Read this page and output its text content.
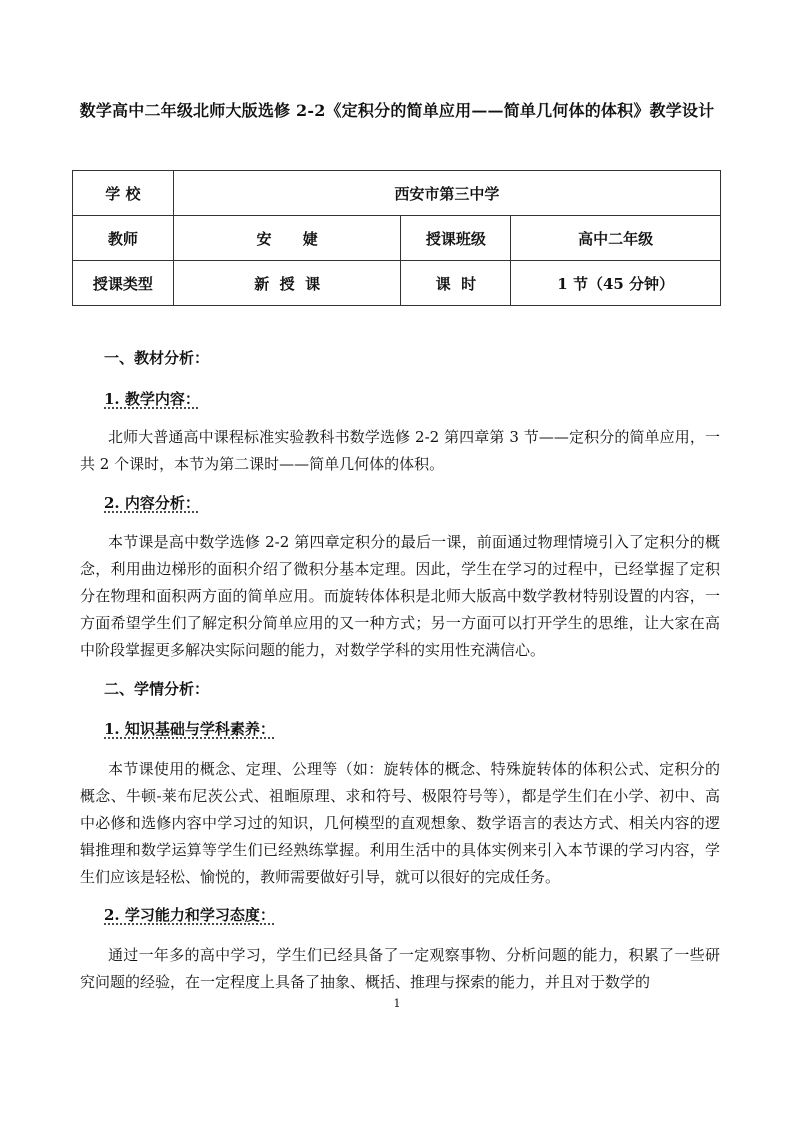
数学高中二年级北师大版选修 2-2《定积分的简单应用——简单几何体的体积》教学设计
学 校	西安市第三中学		
教师	安      婕	授课班级	高中二年级
授课类型	新  授  课	课  时	1 节（45 分钟）
一、教材分析：
1. 教学内容：
北师大普通高中课程标准实验教科书数学选修 2-2 第四章第 3 节——定积分的简单应用，一共 2 个课时，本节为第二课时——简单几何体的体积。
2. 内容分析：
本节课是高中数学选修 2-2 第四章定积分的最后一课，前面通过物理情境引入了定积分的概念，利用曲边梯形的面积介绍了微积分基本定理。因此，学生在学习的过程中，已经掌握了定积分在物理和面积两方面的简单应用。而旋转体体积是北师大版高中数学教材特别设置的内容，一方面希望学生们了解定积分简单应用的又一种方式；另一方面可以打开学生的思维，让大家在高中阶段掌握更多解决实际问题的能力，对数学学科的实用性充满信心。
二、学情分析：
1. 知识基础与学科素养：
本节课使用的概念、定理、公理等（如：旋转体的概念、特殊旋转体的体积公式、定积分的概念、牛顿-莱布尼茨公式、祖暅原理、求和符号、极限符号等），都是学生们在小学、初中、高中必修和选修内容中学习过的知识，几何模型的直观想象、数学语言的表达方式、相关内容的逻辑推理和数学运算等学生们已经熟练掌握。利用生活中的具体实例来引入本节课的学习内容，学生们应该是轻松、愉悦的，教师需要做好引导，就可以很好的完成任务。
2. 学习能力和学习态度：
通过一年多的高中学习，学生们已经具备了一定观察事物、分析问题的能力，积累了一些研究问题的经验，在一定程度上具备了抽象、概括、推理与探索的能力，并且对于数学的
1
